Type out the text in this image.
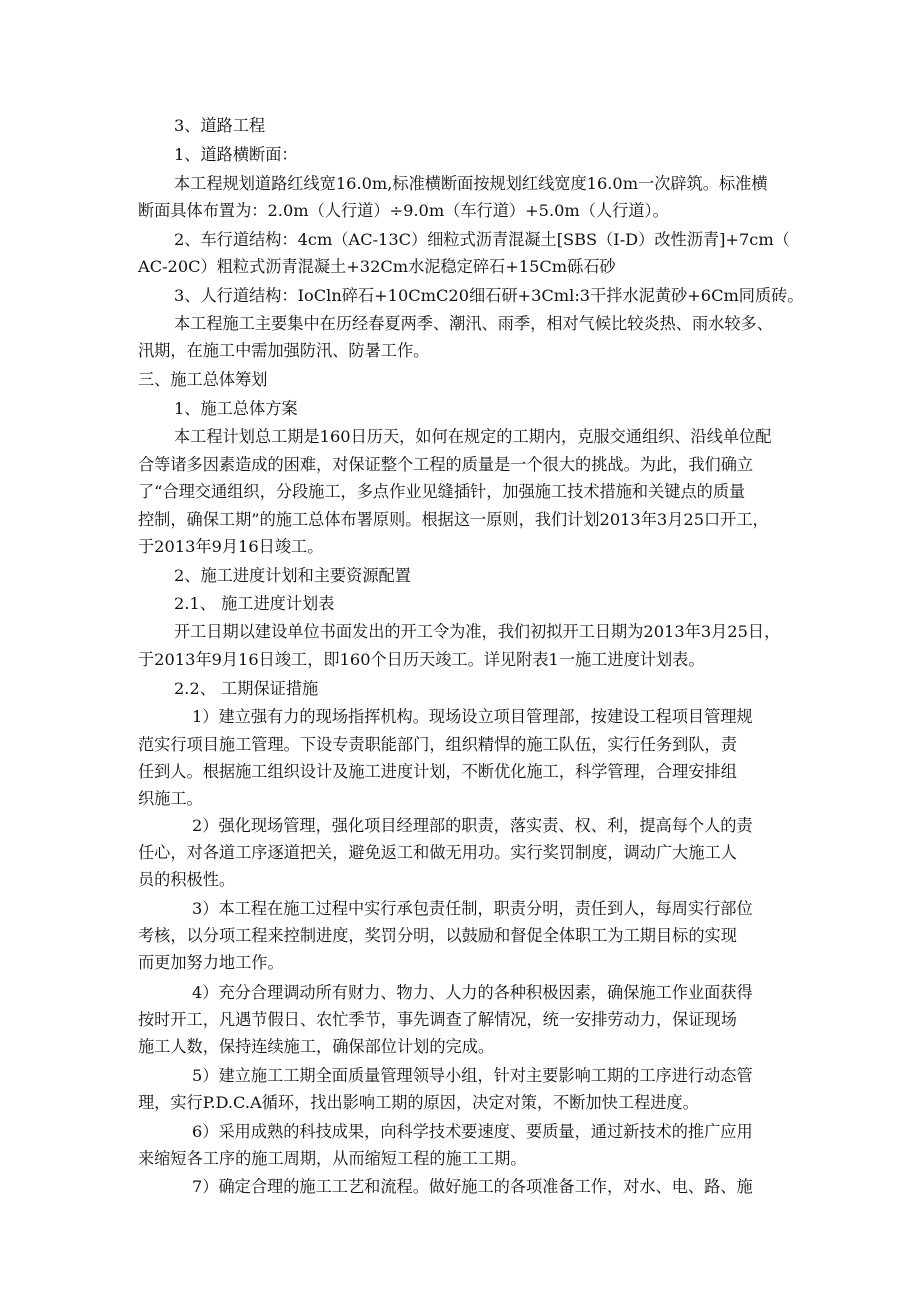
3、道路工程
1、道路横断面：
本工程规划道路红线宽16.0m,标准横断面按规划红线宽度16.0m一次辟筑。标准横
断面具体布置为：2.0m（人行道）÷9.0m（车行道）+5.0m（人行道）。
2、车行道结构：4cm（AC-13C）细粒式沥青混凝土[SBS（I-D）改性沥青]+7cm（
AC-20C）粗粒式沥青混凝土+32Cm水泥稳定碎石+15Cm砾石砂
3、人行道结构：IoCln碎石+10CmC20细石研+3Cml:3干拌水泥黄砂+6Cm同质砖。
本工程施工主要集中在历经春夏两季、潮汛、雨季，相对气候比较炎热、雨水较多、
汛期，在施工中需加强防汛、防暑工作。
三、施工总体筹划
1、施工总体方案
本工程计划总工期是160日历天，如何在规定的工期内，克服交通组织、沿线单位配
合等诸多因素造成的困难，对保证整个工程的质量是一个很大的挑战。为此，我们确立
了“合理交通组织，分段施工，多点作业见缝插针，加强施工技术措施和关键点的质量
控制，确保工期”的施工总体布署原则。根据这一原则，我们计划2013年3月25口开工，
于2013年9月16日竣工。
2、施工进度计划和主要资源配置
2.1、 施工进度计划表
开工日期以建设单位书面发出的开工令为准，我们初拟开工日期为2013年3月25日，
于2013年9月16日竣工，即160个日历天竣工。详见附表1一施工进度计划表。
2.2、 工期保证措施
1）建立强有力的现场指挥机构。现场设立项目管理部，按建设工程项目管理规
范实行项目施工管理。下设专责职能部门，组织精悍的施工队伍，实行任务到队，责
任到人。根据施工组织设计及施工进度计划，不断优化施工，科学管理，合理安排组
织施工。
2）强化现场管理，强化项目经理部的职责，落实责、权、利，提高每个人的责
任心，对各道工序逐道把关，避免返工和做无用功。实行奖罚制度，调动广大施工人
员的积极性。
3）本工程在施工过程中实行承包责任制，职责分明，责任到人，每周实行部位
考核，以分项工程来控制进度，奖罚分明，以鼓励和督促全体职工为工期目标的实现
而更加努力地工作。
4）充分合理调动所有财力、物力、人力的各种积极因素，确保施工作业面获得
按时开工，凡遇节假日、农忙季节，事先调查了解情况，统一安排劳动力，保证现场
施工人数，保持连续施工，确保部位计划的完成。
5）建立施工工期全面质量管理领导小组，针对主要影响工期的工序进行动态管
理，实行P.D.C.A循环，找出影响工期的原因，决定对策，不断加快工程进度。
6）采用成熟的科技成果，向科学技术要速度、要质量，通过新技术的推广应用
来缩短各工序的施工周期，从而缩短工程的施工工期。
7）确定合理的施工工艺和流程。做好施工的各项准备工作，对水、电、路、施
